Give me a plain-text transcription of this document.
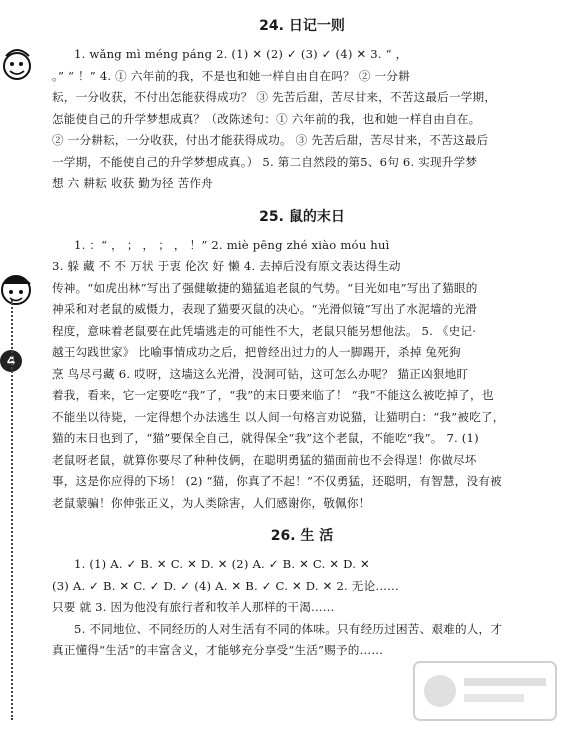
4
24. 日记一则
1. wǎng mì méng páng 2. (1) ✕ (2) ✓ (3) ✓ (4) ✕ 3. “ ，
。” “ ！” 4. ① 六年前的我，不是也和她一样自由自在吗？ ② 一分耕
耘，一分收获，不付出怎能获得成功？ ③ 先苦后甜，苦尽甘来，不苦这最后一学期，
怎能使自己的升学梦想成真？（改陈述句：① 六年前的我，也和她一样自由自在。
② 一分耕耘，一分收获，付出才能获得成功。 ③ 先苦后甜，苦尽甘来，不苦这最后
一学期，不能使自己的升学梦想成真。） 5. 第二自然段的第5、6句 6. 实现升学梦
想 六 耕耘 收获 勤为径 苦作舟
25. 鼠的末日
1. ：“ ， ； ， ； ， ！” 2. miè pēng zhé xiào móu huì
3. 躲 藏 不 不 万状 于衷 伦次 好 懒 4. 去掉后没有原文表达得生动
传神。“如虎出林”写出了强健敏捷的猫猛追老鼠的气势。“目光如电”写出了猫眼的
神采和对老鼠的威慑力，表现了猫要灭鼠的决心。“光滑似镜”写出了水泥墙的光滑
程度，意味着老鼠要在此凭墙逃走的可能性不大，老鼠只能另想他法。 5. 《史记·
越王勾践世家》 比喻事情成功之后，把曾经出过力的人一脚踢开，杀掉 兔死狗
烹 鸟尽弓藏 6. 哎呀，这墙这么光滑，没洞可钻，这可怎么办呢？ 猫正凶狠地盯
着我，看来，它一定要吃“我”了，“我”的末日要来临了！ “我”不能这么被吃掉了，也
不能坐以待毙，一定得想个办法逃生 以人间一句格言劝说猫，让猫明白：“我”被吃了，
猫的末日也到了，“猫”要保全自己，就得保全“我”这个老鼠，不能吃“我”。 7. (1)
老鼠呀老鼠，就算你要尽了种种伎俩，在聪明勇猛的猫面前也不会得逞！你做尽坏
事，这是你应得的下场！ (2) “猫，你真了不起！”不仅勇猛，还聪明，有智慧，没有被
老鼠蒙骗！你伸张正义，为人类除害，人们感谢你，敬佩你！
26. 生 活
1. (1) A. ✓ B. ✕ C. ✕ D. ✕ (2) A. ✓ B. ✕ C. ✕ D. ✕
(3) A. ✓ B. ✕ C. ✓ D. ✓ (4) A. ✕ B. ✓ C. ✕ D. ✕ 2. 无论……
只要 就 3. 因为他没有旅行者和牧羊人那样的干渴……
5. 不同地位、不同经历的人对生活有不同的体味。只有经历过困苦、艰难的人，才
真正懂得“生活”的丰富含义，才能够充分享受“生活”赐予的……
